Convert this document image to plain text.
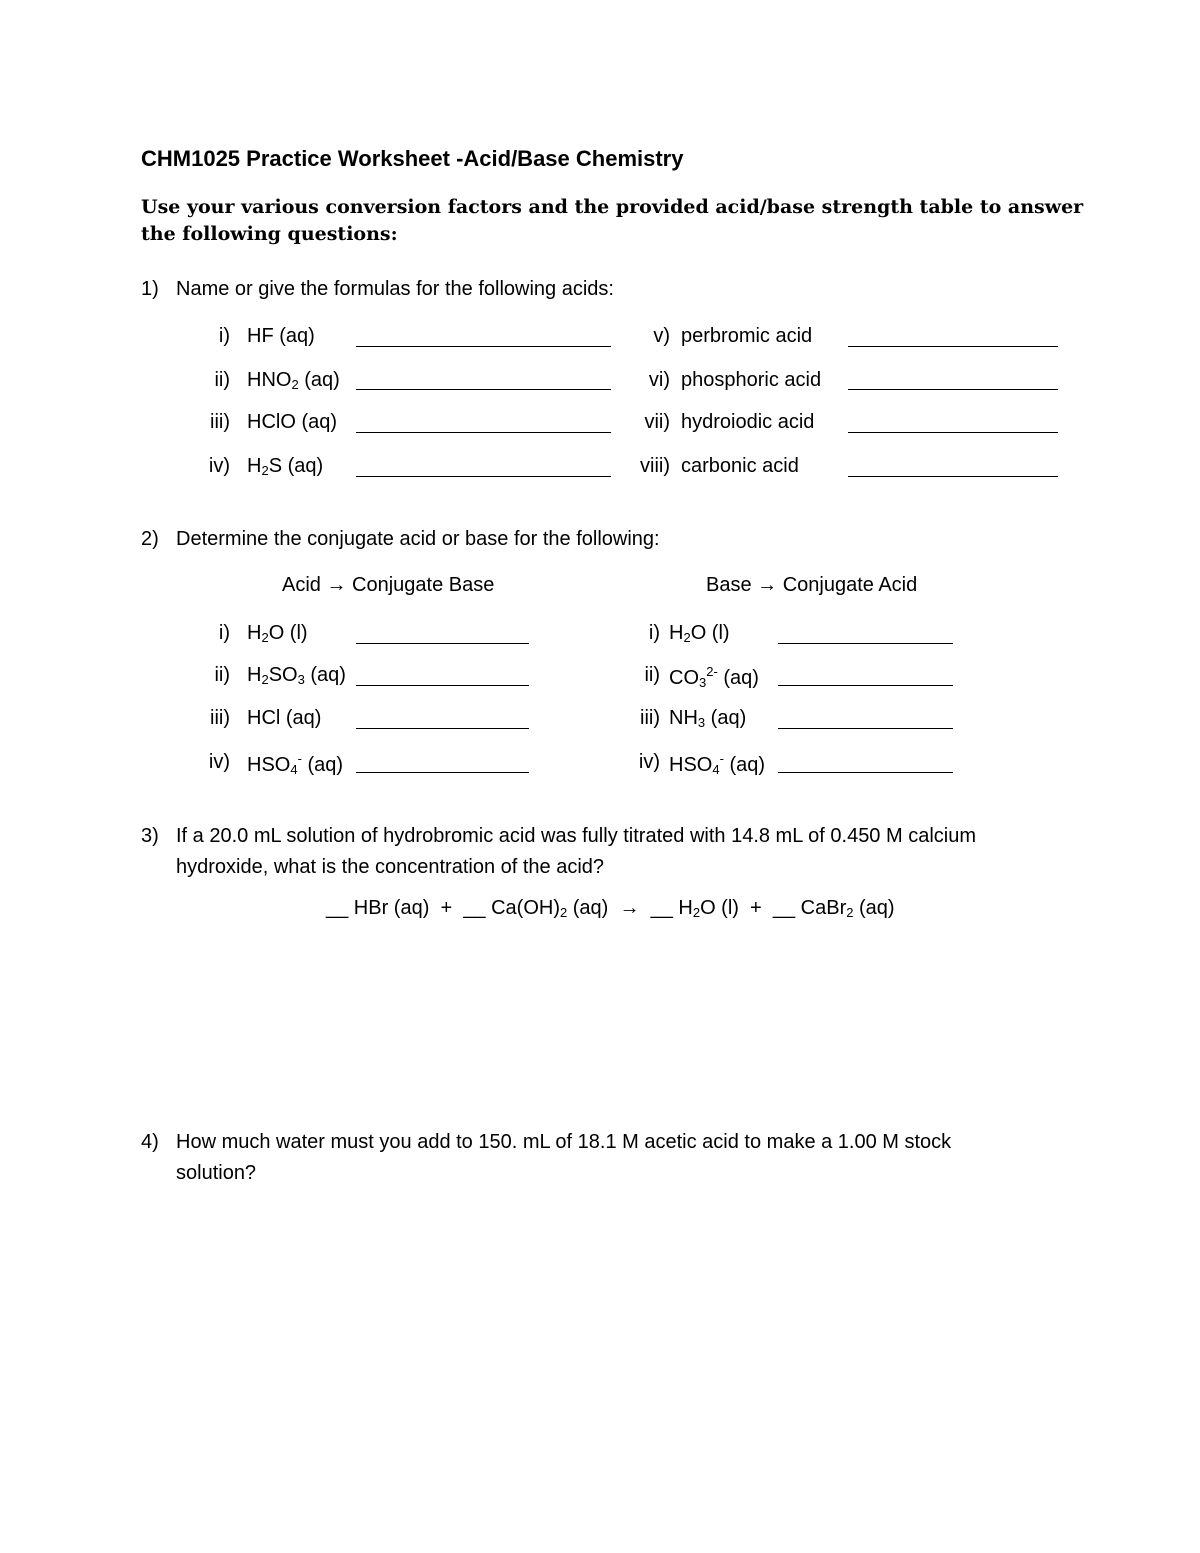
CHM1025 Practice Worksheet -Acid/Base Chemistry
Use your various conversion factors and the provided acid/base strength table to answer
the following questions:
1) Name or give the formulas for the following acids:
i) HF (aq)
ii) $HNO_2$ (aq)
iii) HClO (aq)
iv) $H_2S$ (aq)
v) perbromic acid
vi) phosphoric acid
vii) hydroiodic acid
viii) carbonic acid
2) Determine the conjugate acid or base for the following:
Acid → Conjugate Base	Base → Conjugate Acid
i) $H_2O$ (l)
ii) $H_2SO_3$ (aq)
iii) HCl (aq)
iv) $HSO_4^-$ (aq)
i) $H_2O$ (l)
ii) $CO_3^{2-}$ (aq)
iii) $NH_3$ (aq)
iv) $HSO_4^-$ (aq)
3) If a 20.0 mL solution of hydrobromic acid was fully titrated with 14.8 mL of 0.450 M calcium
hydroxide, what is the concentration of the acid?
__ HBr (aq)  +  __ $Ca(OH)_2$ (aq)  →  __ $H_2O$ (l)  +  __ CaBr$_2$ (aq)
4) How much water must you add to 150. mL of 18.1 M acetic acid to make a 1.00 M stock
solution?
